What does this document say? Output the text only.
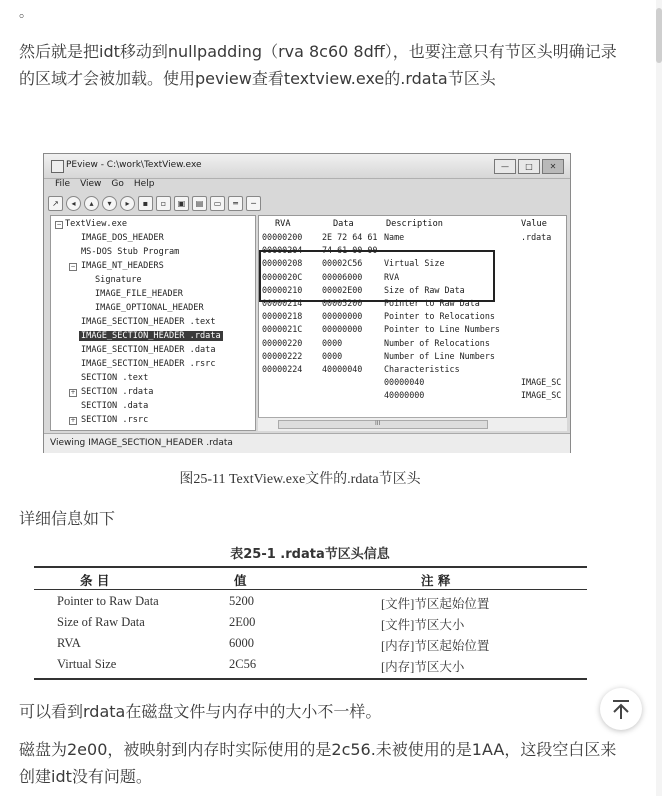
。
然后就是把idt移动到nullpadding（rva 8c60 8dff），也要注意只有节区头明确记录的区域才会被加载。使用peview查看textview.exe的.rdata节区头
PEview - C:\work\TextView.exe	—	□	✕
File View Go Help
↗	◂	▴	▾	▸	▪	▫	▣	▤	▭	═	─
− TextView.exe
IMAGE_DOS_HEADER
MS-DOS Stub Program
− IMAGE_NT_HEADERS
Signature
IMAGE_FILE_HEADER
IMAGE_OPTIONAL_HEADER
IMAGE_SECTION_HEADER .text
IMAGE_SECTION_HEADER .rdata
IMAGE_SECTION_HEADER .data
IMAGE_SECTION_HEADER .rsrc
SECTION .text
+ SECTION .rdata
SECTION .data
+ SECTION .rsrc
RVA	Data	Description	Value
00000200 2E 72 64 61 Name	.rdata
00000204 74 61 00 00
00000208 00002C56	Virtual Size
0000020C 00006000	RVA
00000210 00002E00	Size of Raw Data
00000214 00005200	Pointer to Raw Data
00000218 00000000	Pointer to Relocations
0000021C 00000000	Pointer to Line Numbers
00000220 0000	Number of Relocations
00000222 0000	Number of Line Numbers
00000224 40000040	Characteristics
00000040	IMAGE_SC
40000000	IMAGE_SC
III
Viewing IMAGE_SECTION_HEADER .rdata
图25-11 TextView.exe文件的.rdata节区头
详细信息如下
表25-1 .rdata节区头信息
条 目	值	注 释
Pointer to Raw Data	5200	[文件]节区起始位置
Size of Raw Data	2E00	[文件]节区大小
RVA	6000	[内存]节区起始位置
Virtual Size	2C56	[内存]节区大小
可以看到rdata在磁盘文件与内存中的大小不一样。
磁盘为2e00，被映射到内存时实际使用的是2c56.未被使用的是1AA，这段空白区来创建idt没有问题。
